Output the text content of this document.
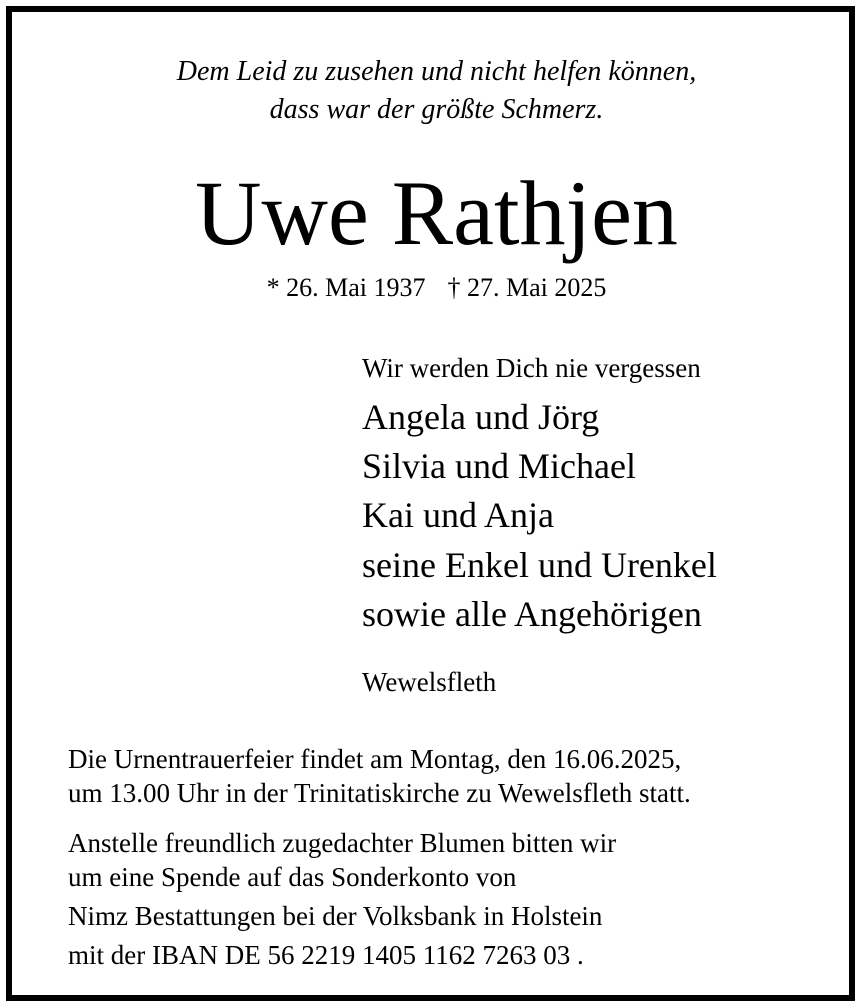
Dem Leid zu zusehen und nicht helfen können,

dass war der größte Schmerz.

Uwe Rathjen

* 26. Mai 1937 † 27. Mai 2025

Wir werden Dich nie vergessen

Angela und Jörg

Silvia und Michael

Kai und Anja

seine Enkel und Urenkel

sowie alle Angehörigen

Wewelsfleth

Die Urnentrauerfeier findet am Montag, den 16.06.2025,

um 13.00 Uhr in der Trinitatiskirche zu Wewelsfleth statt.

Anstelle freundlich zugedachter Blumen bitten wir

um eine Spende auf das Sonderkonto von

Nimz Bestattungen bei der Volksbank in Holstein

mit der IBAN DE 56 2219 1405 1162 7263 03 .
